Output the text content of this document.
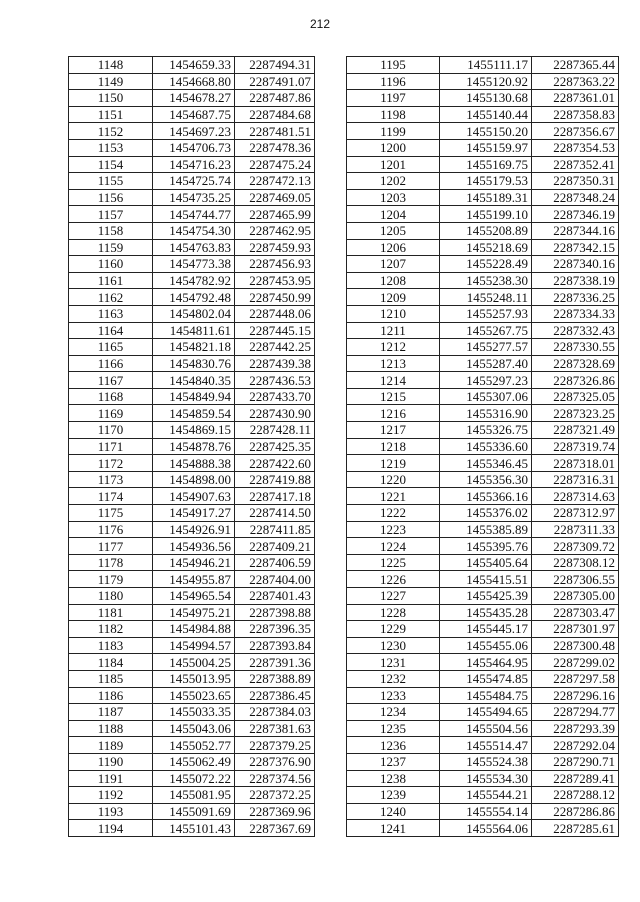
212
1148	1454659.33	2287494.31
1149	1454668.80	2287491.07
1150	1454678.27	2287487.86
1151	1454687.75	2287484.68
1152	1454697.23	2287481.51
1153	1454706.73	2287478.36
1154	1454716.23	2287475.24
1155	1454725.74	2287472.13
1156	1454735.25	2287469.05
1157	1454744.77	2287465.99
1158	1454754.30	2287462.95
1159	1454763.83	2287459.93
1160	1454773.38	2287456.93
1161	1454782.92	2287453.95
1162	1454792.48	2287450.99
1163	1454802.04	2287448.06
1164	1454811.61	2287445.15
1165	1454821.18	2287442.25
1166	1454830.76	2287439.38
1167	1454840.35	2287436.53
1168	1454849.94	2287433.70
1169	1454859.54	2287430.90
1170	1454869.15	2287428.11
1171	1454878.76	2287425.35
1172	1454888.38	2287422.60
1173	1454898.00	2287419.88
1174	1454907.63	2287417.18
1175	1454917.27	2287414.50
1176	1454926.91	2287411.85
1177	1454936.56	2287409.21
1178	1454946.21	2287406.59
1179	1454955.87	2287404.00
1180	1454965.54	2287401.43
1181	1454975.21	2287398.88
1182	1454984.88	2287396.35
1183	1454994.57	2287393.84
1184	1455004.25	2287391.36
1185	1455013.95	2287388.89
1186	1455023.65	2287386.45
1187	1455033.35	2287384.03
1188	1455043.06	2287381.63
1189	1455052.77	2287379.25
1190	1455062.49	2287376.90
1191	1455072.22	2287374.56
1192	1455081.95	2287372.25
1193	1455091.69	2287369.96
1194	1455101.43	2287367.69
1195	1455111.17	2287365.44
1196	1455120.92	2287363.22
1197	1455130.68	2287361.01
1198	1455140.44	2287358.83
1199	1455150.20	2287356.67
1200	1455159.97	2287354.53
1201	1455169.75	2287352.41
1202	1455179.53	2287350.31
1203	1455189.31	2287348.24
1204	1455199.10	2287346.19
1205	1455208.89	2287344.16
1206	1455218.69	2287342.15
1207	1455228.49	2287340.16
1208	1455238.30	2287338.19
1209	1455248.11	2287336.25
1210	1455257.93	2287334.33
1211	1455267.75	2287332.43
1212	1455277.57	2287330.55
1213	1455287.40	2287328.69
1214	1455297.23	2287326.86
1215	1455307.06	2287325.05
1216	1455316.90	2287323.25
1217	1455326.75	2287321.49
1218	1455336.60	2287319.74
1219	1455346.45	2287318.01
1220	1455356.30	2287316.31
1221	1455366.16	2287314.63
1222	1455376.02	2287312.97
1223	1455385.89	2287311.33
1224	1455395.76	2287309.72
1225	1455405.64	2287308.12
1226	1455415.51	2287306.55
1227	1455425.39	2287305.00
1228	1455435.28	2287303.47
1229	1455445.17	2287301.97
1230	1455455.06	2287300.48
1231	1455464.95	2287299.02
1232	1455474.85	2287297.58
1233	1455484.75	2287296.16
1234	1455494.65	2287294.77
1235	1455504.56	2287293.39
1236	1455514.47	2287292.04
1237	1455524.38	2287290.71
1238	1455534.30	2287289.41
1239	1455544.21	2287288.12
1240	1455554.14	2287286.86
1241	1455564.06	2287285.61
